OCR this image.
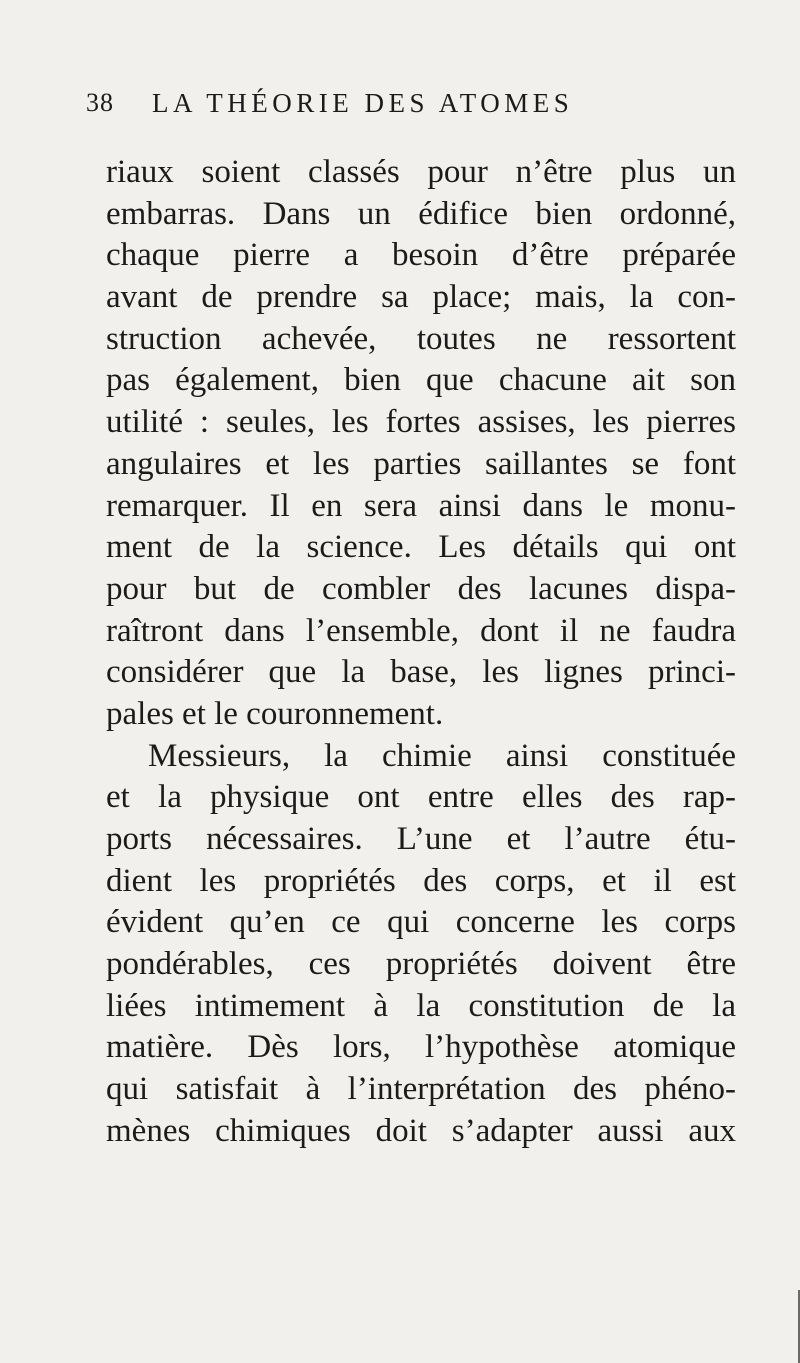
38 LA THÉORIE DES ATOMES
riaux soient classés pour n’être plus un
embarras. Dans un édifice bien ordonné,
chaque pierre a besoin d’être préparée
avant de prendre sa place; mais, la con-
struction achevée, toutes ne ressortent
pas également, bien que chacune ait son
utilité : seules, les fortes assises, les pierres
angulaires et les parties saillantes se font
remarquer. Il en sera ainsi dans le monu-
ment de la science. Les détails qui ont
pour but de combler des lacunes dispa-
raîtront dans l’ensemble, dont il ne faudra
considérer que la base, les lignes princi-
pales et le couronnement.
Messieurs, la chimie ainsi constituée
et la physique ont entre elles des rap-
ports nécessaires. L’une et l’autre étu-
dient les propriétés des corps, et il est
évident qu’en ce qui concerne les corps
pondérables, ces propriétés doivent être
liées intimement à la constitution de la
matière. Dès lors, l’hypothèse atomique
qui satisfait à l’interprétation des phéno-
mènes chimiques doit s’adapter aussi aux
